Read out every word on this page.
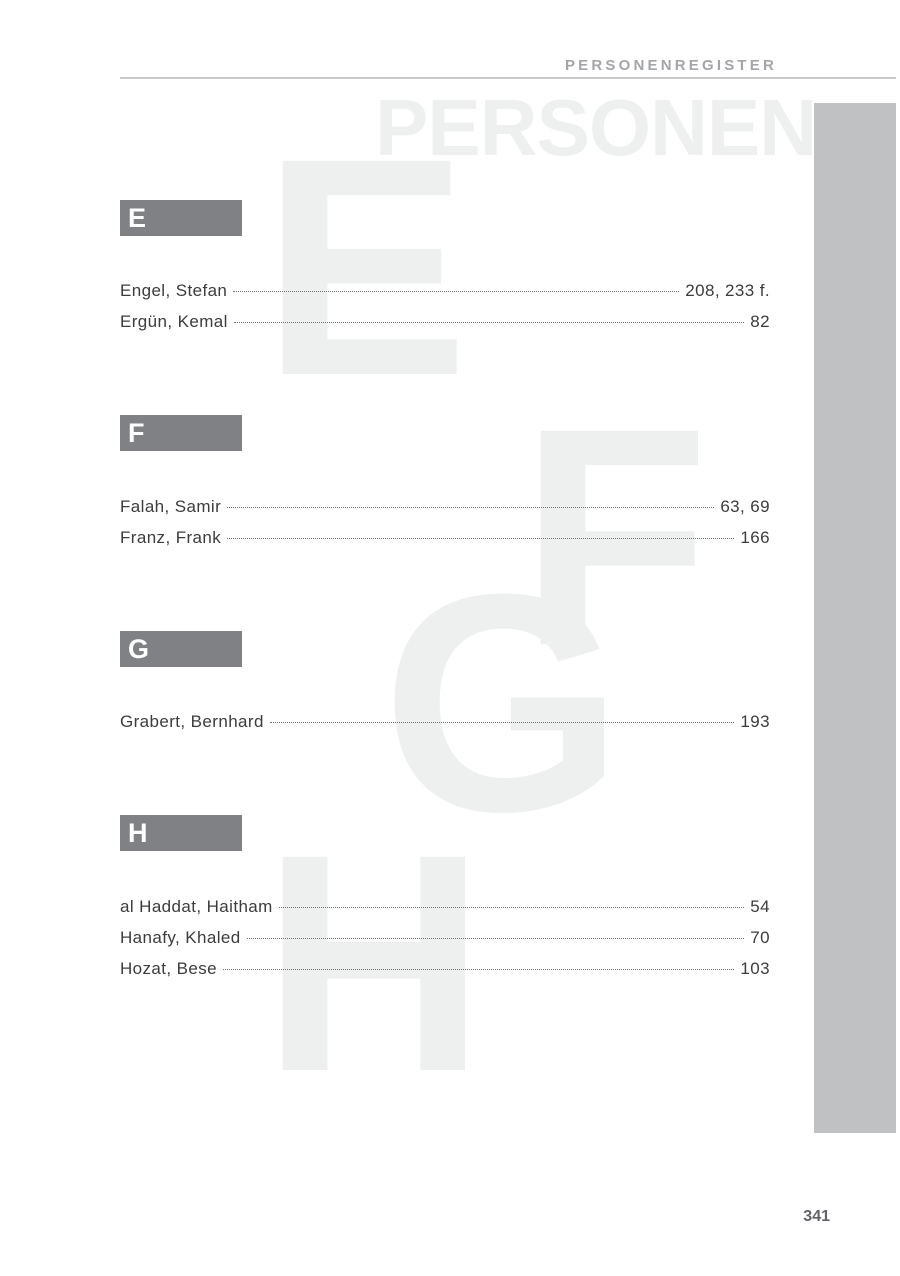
PERSONENREGISTER
PERSONEN
E
F
G
H
E
Engel, Stefan	208, 233 f.
Ergün, Kemal	82
F
Falah, Samir	63, 69
Franz, Frank	166
G
Grabert, Bernhard	193
H
al Haddat, Haitham	54
Hanafy, Khaled	70
Hozat, Bese	103
341
